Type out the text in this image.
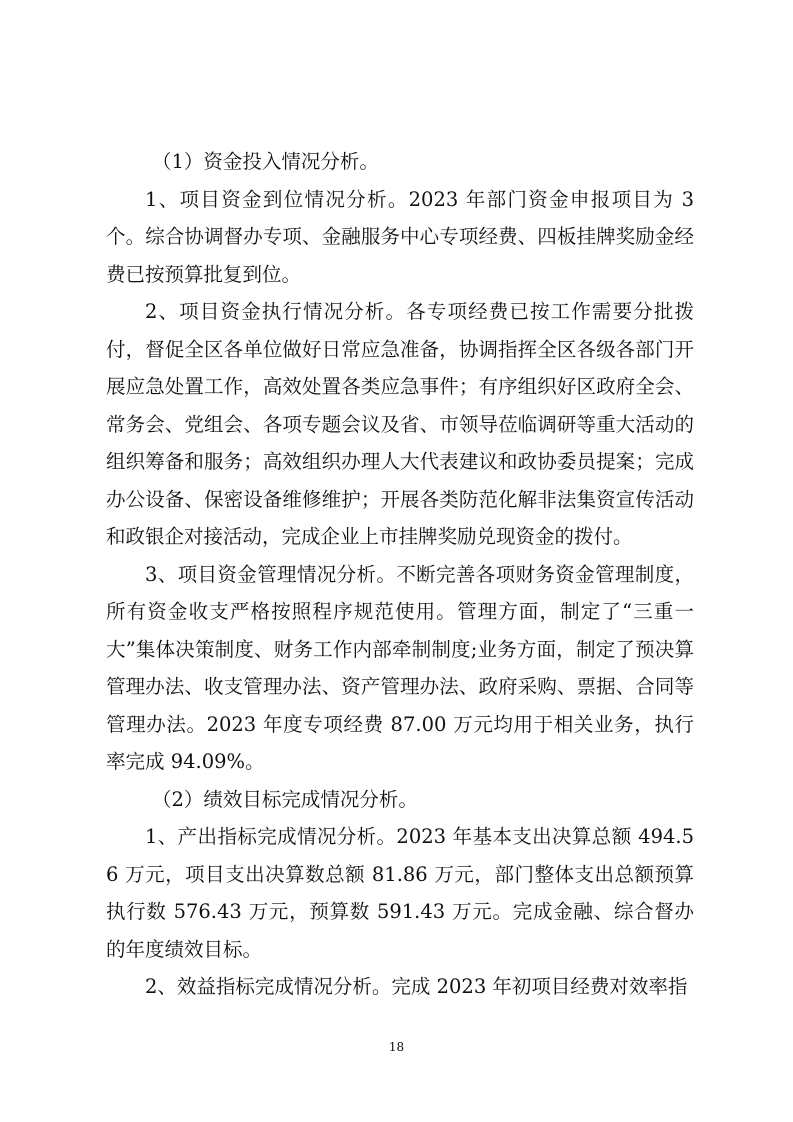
（1）资金投入情况分析。

1、项目资金到位情况分析。2023 年部门资金申报项目为 3 个。综合协调督办专项、金融服务中心专项经费、四板挂牌奖励金经费已按预算批复到位。

2、项目资金执行情况分析。各专项经费已按工作需要分批拨付，督促全区各单位做好日常应急准备，协调指挥全区各级各部门开展应急处置工作，高效处置各类应急事件；有序组织好区政府全会、常务会、党组会、各项专题会议及省、市领导莅临调研等重大活动的组织筹备和服务；高效组织办理人大代表建议和政协委员提案；完成办公设备、保密设备维修维护；开展各类防范化解非法集资宣传活动和政银企对接活动，完成企业上市挂牌奖励兑现资金的拨付。

3、项目资金管理情况分析。不断完善各项财务资金管理制度，所有资金收支严格按照程序规范使用。管理方面，制定了“三重一大”集体决策制度、财务工作内部牵制制度;业务方面，制定了预决算管理办法、收支管理办法、资产管理办法、政府采购、票据、合同等管理办法。2023 年度专项经费 87.00 万元均用于相关业务，执行率完成 94.09%。

（2）绩效目标完成情况分析。

1、产出指标完成情况分析。2023 年基本支出决算总额 494.56 万元，项目支出决算数总额 81.86 万元，部门整体支出总额预算执行数 576.43 万元，预算数 591.43 万元。完成金融、综合督办的年度绩效目标。

2、效益指标完成情况分析。完成 2023 年初项目经费对效率指

18
